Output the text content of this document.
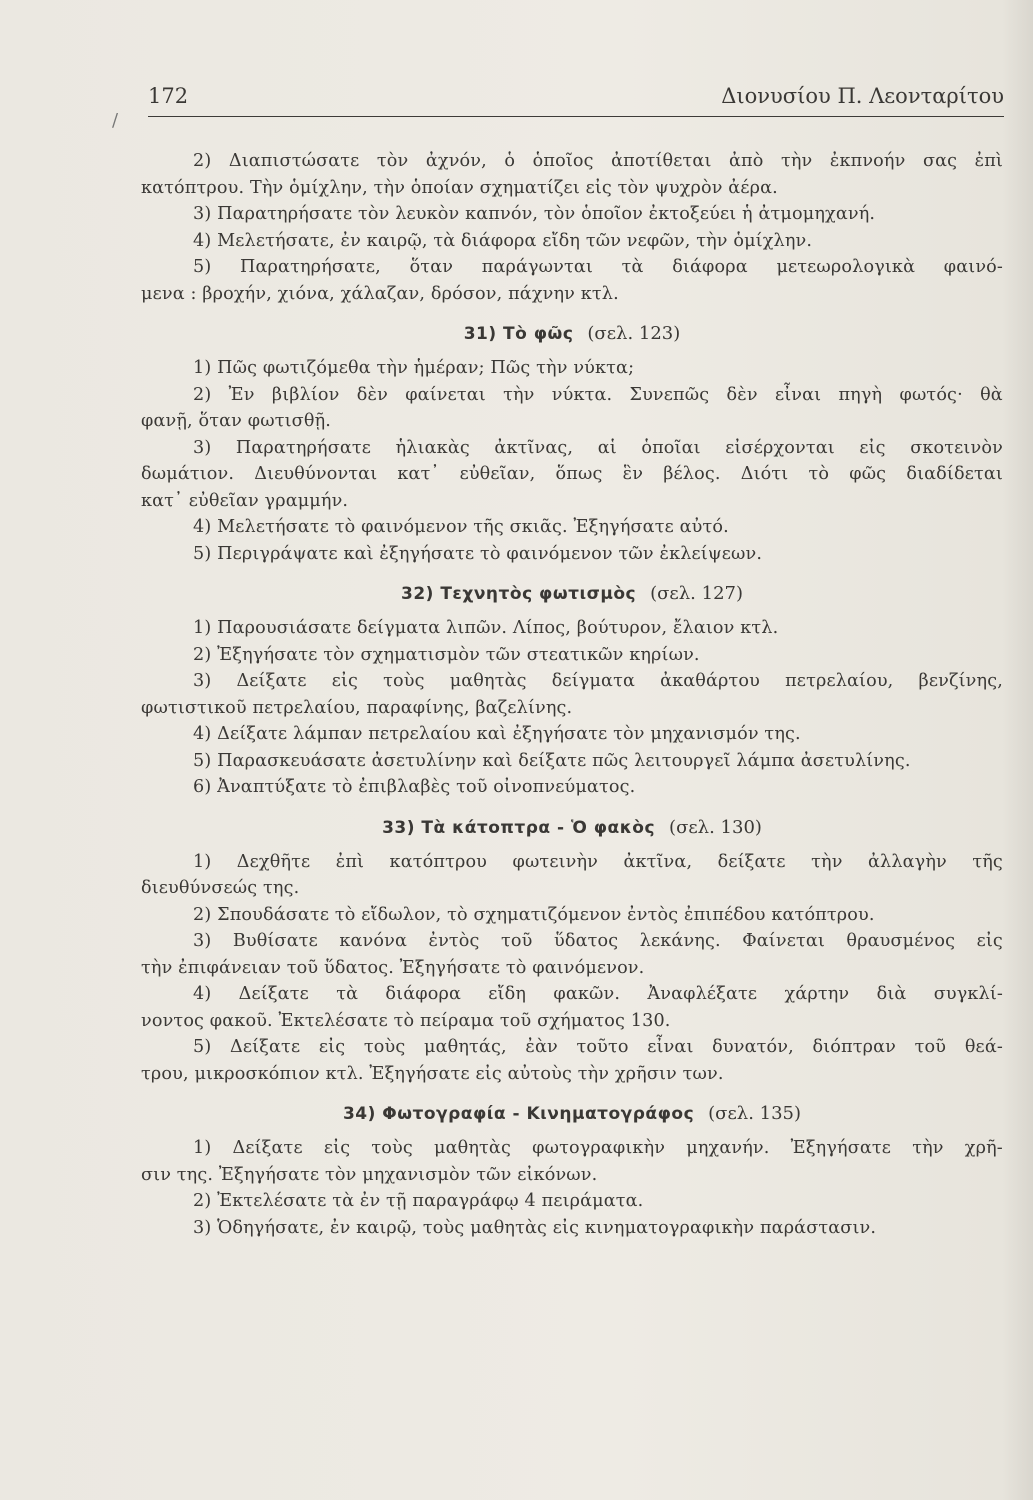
172	Διονυσίου Π. Λεονταρίτου
/
2) Διαπιστώσατε τὸν ἀχνόν, ὁ ὁποῖος ἀποτίθεται ἀπὸ τὴν ἐκπνοήν σας ἐπὶ
κατόπτρου. Τὴν ὁμίχλην, τὴν ὁποίαν σχηματίζει εἰς τὸν ψυχρὸν ἀέρα.
3) Παρατηρήσατε τὸν λευκὸν καπνόν, τὸν ὁποῖον ἐκτοξεύει ἡ ἀτμομηχανή.
4) Μελετήσατε, ἐν καιρῷ, τὰ διάφορα εἴδη τῶν νεφῶν, τὴν ὁμίχλην.
5) Παρατηρήσατε, ὅταν παράγωνται τὰ διάφορα μετεωρολογικὰ φαινό-
μενα : βροχήν, χιόνα, χάλαζαν, δρόσον, πάχνην κτλ.
31) Τὸ φῶς (σελ. 123)
1) Πῶς φωτιζόμεθα τὴν ἡμέραν; Πῶς τὴν νύκτα;
2) Ἐν βιβλίον δὲν φαίνεται τὴν νύκτα. Συνεπῶς δὲν εἶναι πηγὴ φωτός· θὰ
φανῇ, ὅταν φωτισθῇ.
3) Παρατηρήσατε ἡλιακὰς ἀκτῖνας, αἱ ὁποῖαι εἰσέρχονται εἰς σκοτεινὸν
δωμάτιον. Διευθύνονται κατ᾽ εὐθεῖαν, ὅπως ἓν βέλος. Διότι τὸ φῶς διαδίδεται
κατ᾽ εὐθεῖαν γραμμήν.
4) Μελετήσατε τὸ φαινόμενον τῆς σκιᾶς. Ἐξηγήσατε αὐτό.
5) Περιγράψατε καὶ ἐξηγήσατε τὸ φαινόμενον τῶν ἐκλείψεων.
32) Τεχνητὸς φωτισμὸς (σελ. 127)
1) Παρουσιάσατε δείγματα λιπῶν. Λίπος, βούτυρον, ἔλαιον κτλ.
2) Ἐξηγήσατε τὸν σχηματισμὸν τῶν στεατικῶν κηρίων.
3) Δείξατε εἰς τοὺς μαθητὰς δείγματα ἀκαθάρτου πετρελαίου, βενζίνης,
φωτιστικοῦ πετρελαίου, παραφίνης, βαζελίνης.
4) Δείξατε λάμπαν πετρελαίου καὶ ἐξηγήσατε τὸν μηχανισμόν της.
5) Παρασκευάσατε ἀσετυλίνην καὶ δείξατε πῶς λειτουργεῖ λάμπα ἀσετυλίνης.
6) Ἀναπτύξατε τὸ ἐπιβλαβὲς τοῦ οἰνοπνεύματος.
33) Τὰ κάτοπτρα - Ὁ φακὸς (σελ. 130)
1) Δεχθῆτε ἐπὶ κατόπτρου φωτεινὴν ἀκτῖνα, δείξατε τὴν ἀλλαγὴν τῆς
διευθύνσεώς της.
2) Σπουδάσατε τὸ εἴδωλον, τὸ σχηματιζόμενον ἐντὸς ἐπιπέδου κατόπτρου.
3) Βυθίσατε κανόνα ἐντὸς τοῦ ὕδατος λεκάνης. Φαίνεται θραυσμένος εἰς
τὴν ἐπιφάνειαν τοῦ ὕδατος. Ἐξηγήσατε τὸ φαινόμενον.
4) Δείξατε τὰ διάφορα εἴδη φακῶν. Ἀναφλέξατε χάρτην διὰ συγκλί-
νοντος φακοῦ. Ἐκτελέσατε τὸ πείραμα τοῦ σχήματος 130.
5) Δείξατε εἰς τοὺς μαθητάς, ἐὰν τοῦτο εἶναι δυνατόν, διόπτραν τοῦ θεά-
τρου, μικροσκόπιον κτλ. Ἐξηγήσατε εἰς αὐτοὺς τὴν χρῆσιν των.
34) Φωτογραφία - Κινηματογράφος (σελ. 135)
1) Δείξατε εἰς τοὺς μαθητὰς φωτογραφικὴν μηχανήν. Ἐξηγήσατε τὴν χρῆ-
σιν της. Ἐξηγήσατε τὸν μηχανισμὸν τῶν εἰκόνων.
2) Ἐκτελέσατε τὰ ἐν τῇ παραγράφῳ 4 πειράματα.
3) Ὁδηγήσατε, ἐν καιρῷ, τοὺς μαθητὰς εἰς κινηματογραφικὴν παράστασιν.
